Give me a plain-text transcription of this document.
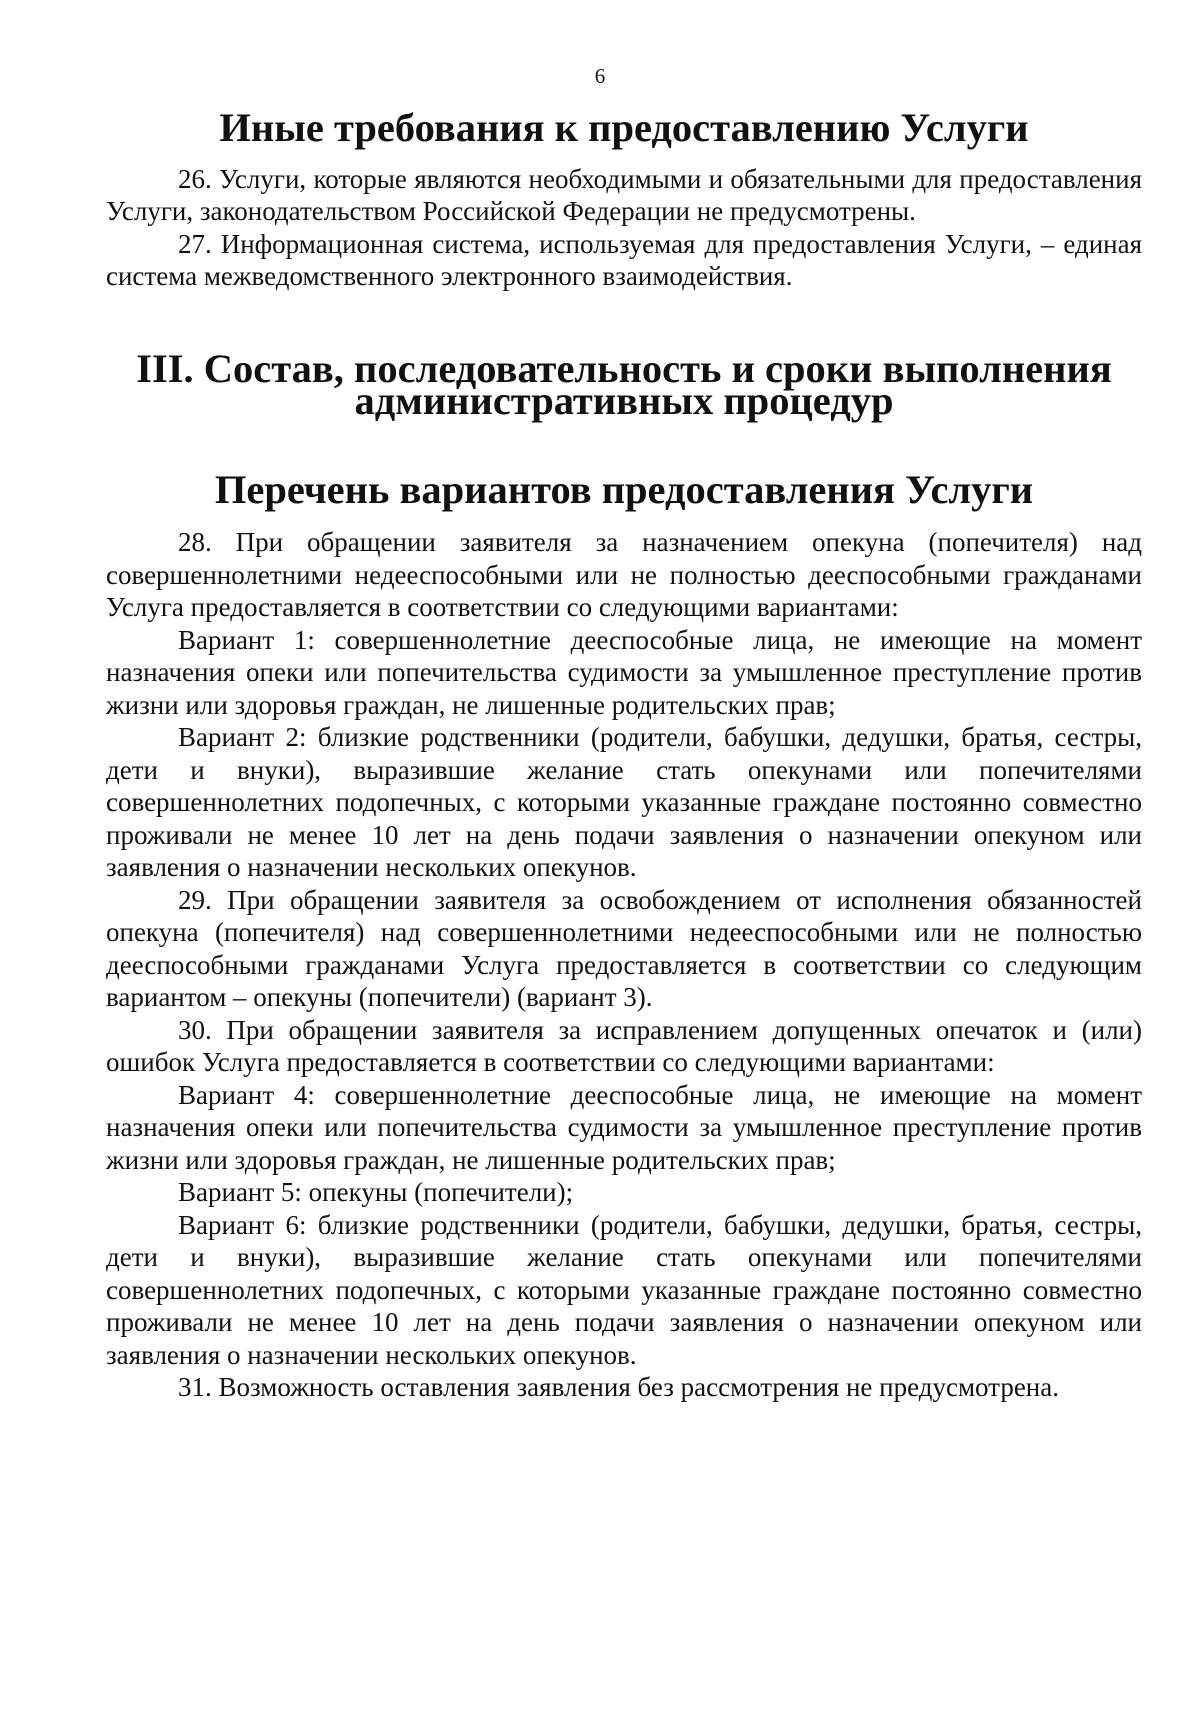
6
Иные требования к предоставлению Услуги

26. Услуги, которые являются необходимыми и обязательными для предоставления Услуги, законодательством Российской Федерации не предусмотрены.

27. Информационная система, используемая для предоставления Услуги, – единая система межведомственного электронного взаимодействия.

III. Состав, последовательность и сроки выполнения административных процедур
Перечень вариантов предоставления Услуги

28. При обращении заявителя за назначением опекуна (попечителя) над совершеннолетними недееспособными или не полностью дееспособными гражданами Услуга предоставляется в соответствии со следующими вариантами:

Вариант 1: совершеннолетние дееспособные лица, не имеющие на момент назначения опеки или попечительства судимости за умышленное преступление против жизни или здоровья граждан, не лишенные родительских прав;

Вариант 2: близкие родственники (родители, бабушки, дедушки, братья, сестры, дети и внуки), выразившие желание стать опекунами или попечителями совершеннолетних подопечных, с которыми указанные граждане постоянно совместно проживали не менее 10 лет на день подачи заявления о назначении опекуном или заявления о назначении нескольких опекунов.

29. При обращении заявителя за освобождением от исполнения обязанностей опекуна (попечителя) над совершеннолетними недееспособными или не полностью дееспособными гражданами Услуга предоставляется в соответствии со следующим вариантом – опекуны (попечители) (вариант 3).

30. При обращении заявителя за исправлением допущенных опечаток и (или) ошибок Услуга предоставляется в соответствии со следующими вариантами:

Вариант 4: совершеннолетние дееспособные лица, не имеющие на момент назначения опеки или попечительства судимости за умышленное преступление против жизни или здоровья граждан, не лишенные родительских прав;

Вариант 5: опекуны (попечители);

Вариант 6: близкие родственники (родители, бабушки, дедушки, братья, сестры, дети и внуки), выразившие желание стать опекунами или попечителями совершеннолетних подопечных, с которыми указанные граждане постоянно совместно проживали не менее 10 лет на день подачи заявления о назначении опекуном или заявления о назначении нескольких опекунов.

31. Возможность оставления заявления без рассмотрения не предусмотрена.
